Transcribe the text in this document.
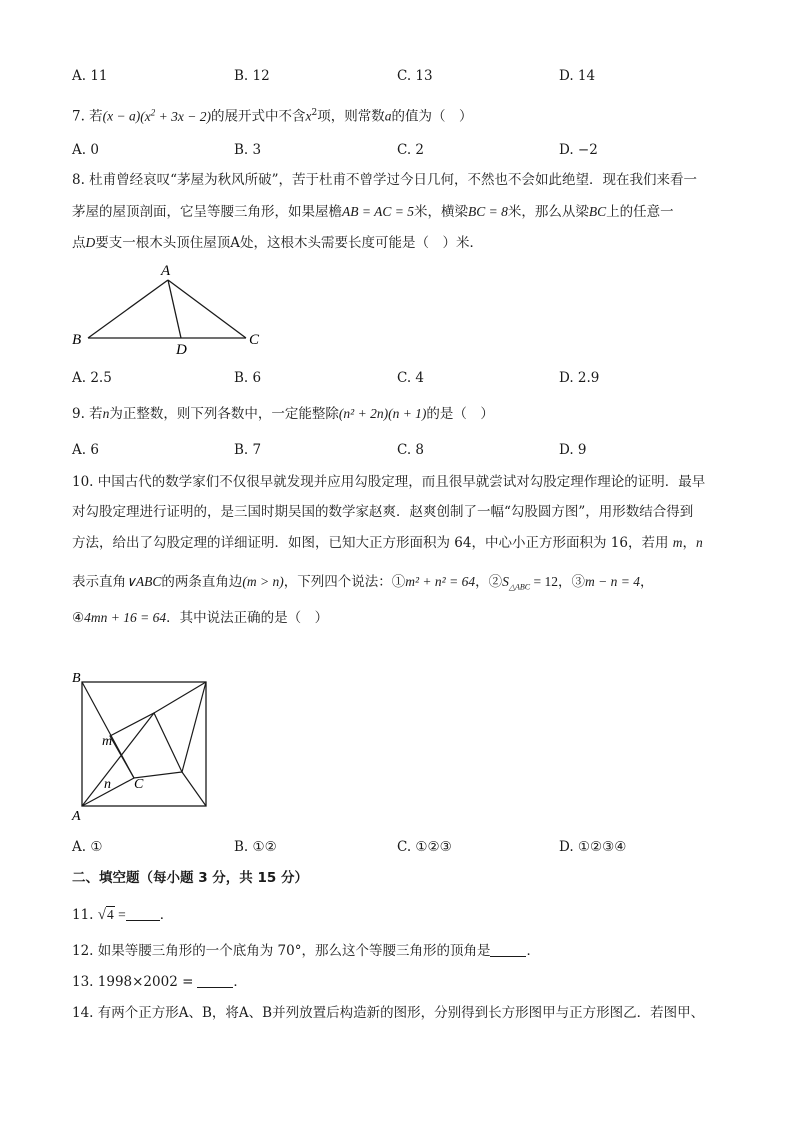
A. 11	B. 12	C. 13	D. 14
7. 若$(x - a)(x^2 + 3x - 2)$的展开式中不含$x^2$项，则常数a的值为（　）
A. 0	B. 3	C. 2	D. −2
8. 杜甫曾经哀叹“茅屋为秋风所破”，苦于杜甫不曾学过今日几何，不然也不会如此绝望．现在我们来看一
茅屋的屋顶剖面，它呈等腰三角形，如果屋檐AB = AC = 5米，横梁BC = 8米，那么从梁BC上的任意一
点D要支一根木头顶住屋顶A处，这根木头需要长度可能是（　）米．
A
B	C
D
A. 2.5	B. 6	C. 4	D. 2.9
9. 若n为正整数，则下列各数中，一定能整除(n² + 2n)(n + 1)的是（　）
A. 6	B. 7	C. 8	D. 9
10. 中国古代的数学家们不仅很早就发现并应用勾股定理，而且很早就尝试对勾股定理作理论的证明．最早
对勾股定理进行证明的，是三国时期吴国的数学家赵爽．赵爽创制了一幅“勾股圆方图”，用形数结合得到
方法，给出了勾股定理的详细证明．如图，已知大正方形面积为 64，中心小正方形面积为 16，若用 m，n
表示直角∨ABC的两条直角边(m > n)，下列四个说法：①m² + n² = 64，$②S_{\triangle ABC} = 12$，③m − n = 4，
④4mn + 16 = 64．其中说法正确的是（　）
B
A
C
m
n
A. ①	B. ①②	C. ①②③	D. ①②③④
二、填空题（每小题 3 分，共 15 分）
11. √4 =	．
12. 如果等腰三角形的一个底角为 70°，那么这个等腰三角形的顶角是	．
13. 1998×2002 =	．
14. 有两个正方形A、B，将A、B并列放置后构造新的图形，分别得到长方形图甲与正方形图乙．若图甲、
